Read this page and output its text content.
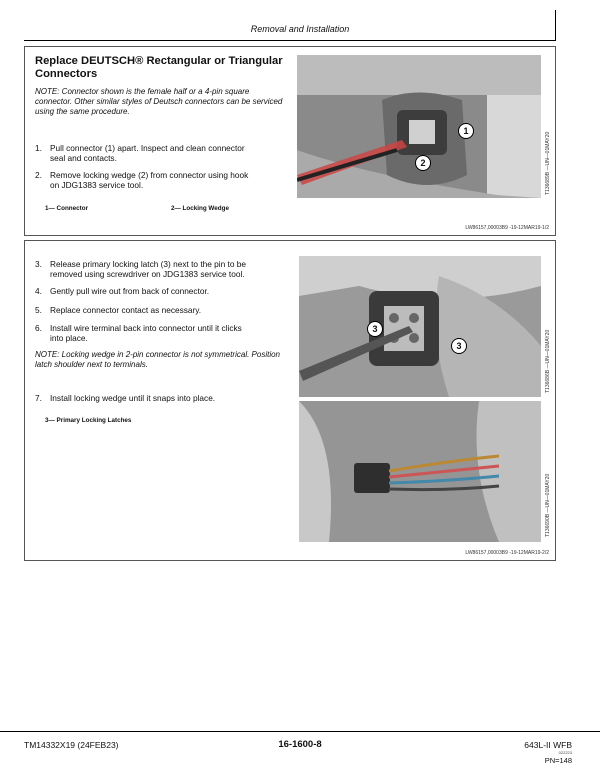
Removal and Installation
Replace DEUTSCH® Rectangular or Triangular Connectors
NOTE: Connector shown is the female half or a 4-pin square connector. Other similar styles of Deutsch connectors can be serviced using the same procedure.
1. Pull connector (1) apart. Inspect and clean connector
seal and contacts.
2. Remove locking wedge (2) from connector using hook
on JDG1383 service tool.
1— Connector	2— Locking Wedge
1
2	T136689B —UN—01MAY20
LW86157,00003B9 -19-12MAR19-1/2
3. Release primary locking latch (3) next to the pin to be
removed using screwdriver on JDG1383 service tool.
4. Gently pull wire out from back of connector.
5. Replace connector contact as necessary.
6. Install wire terminal back into connector until it clicks
into place.
NOTE: Locking wedge in 2-pin connector is not symmetrical. Position latch shoulder next to terminals.
7. Install locking wedge until it snaps into place.
3— Primary Locking Latches
3
3	T136686B —UN—01MAY20
T136690B —UN—01MAY20
LW86157,00003B9 -19-12MAR19-2/2
TM14332X19 (24FEB23)	16-1600-8	643L-II WFB
022223
PN=148
